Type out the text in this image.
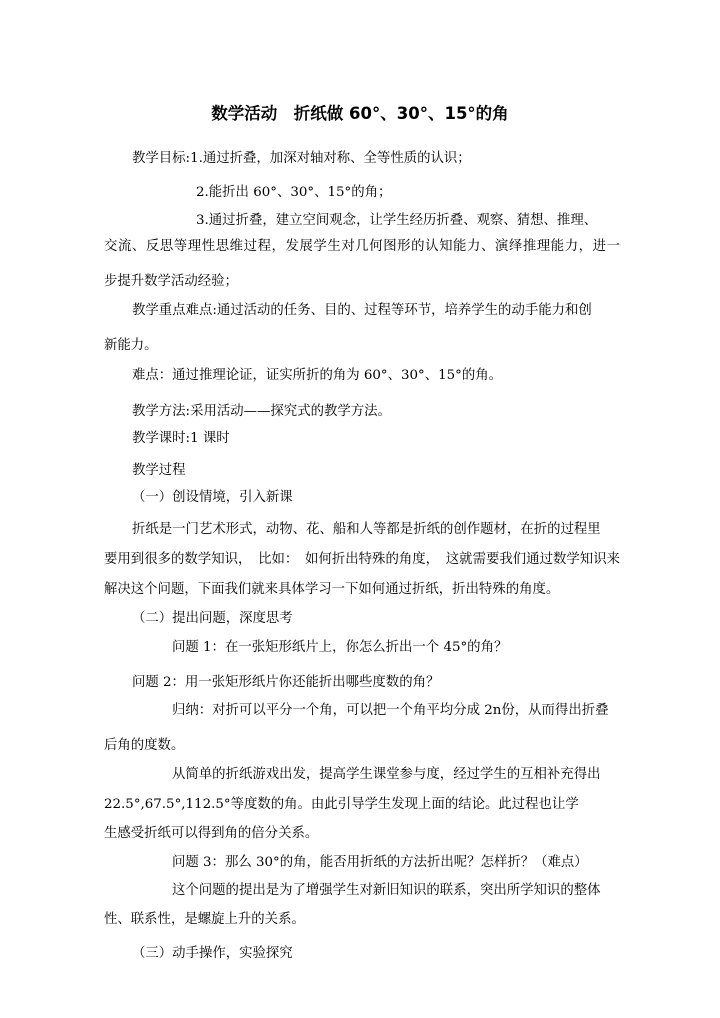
数学活动　折纸做 60°、30°、15°的角
教学目标:1.通过折叠，加深对轴对称、全等性质的认识；
2.能折出 60°、30°、15°的角；
3.通过折叠，建立空间观念，让学生经历折叠、观察、猜想、推理、
交流、反思等理性思维过程，发展学生对几何图形的认知能力、演绎推理能力，进一
步提升数学活动经验；
教学重点难点:通过活动的任务、目的、过程等环节，培养学生的动手能力和创
新能力。
难点：通过推理论证，证实所折的角为 60°、30°、15°的角。
教学方法:采用活动——探究式的教学方法。
教学课时:1 课时
教学过程
（一）创设情境，引入新课
折纸是一门艺术形式，动物、花、船和人等都是折纸的创作题材，在折的过程里
要用到很多的数学知识，　比如：　如何折出特殊的角度，　这就需要我们通过数学知识来
解决这个问题，下面我们就来具体学习一下如何通过折纸，折出特殊的角度。
（二）提出问题，深度思考
问题 1：在一张矩形纸片上，你怎么折出一个 45°的角？
问题 2：用一张矩形纸片你还能折出哪些度数的角？
归纳：对折可以平分一个角，可以把一个角平均分成 2n份，从而得出折叠
后角的度数。
从简单的折纸游戏出发，提高学生课堂参与度，经过学生的互相补充得出
22.5°,67.5°,112.5°等度数的角。由此引导学生发现上面的结论。此过程也让学
生感受折纸可以得到角的倍分关系。
问题 3：那么 30°的角，能否用折纸的方法折出呢？怎样折？（难点）
这个问题的提出是为了增强学生对新旧知识的联系，突出所学知识的整体
性、联系性，是螺旋上升的关系。
（三）动手操作，实验探究
